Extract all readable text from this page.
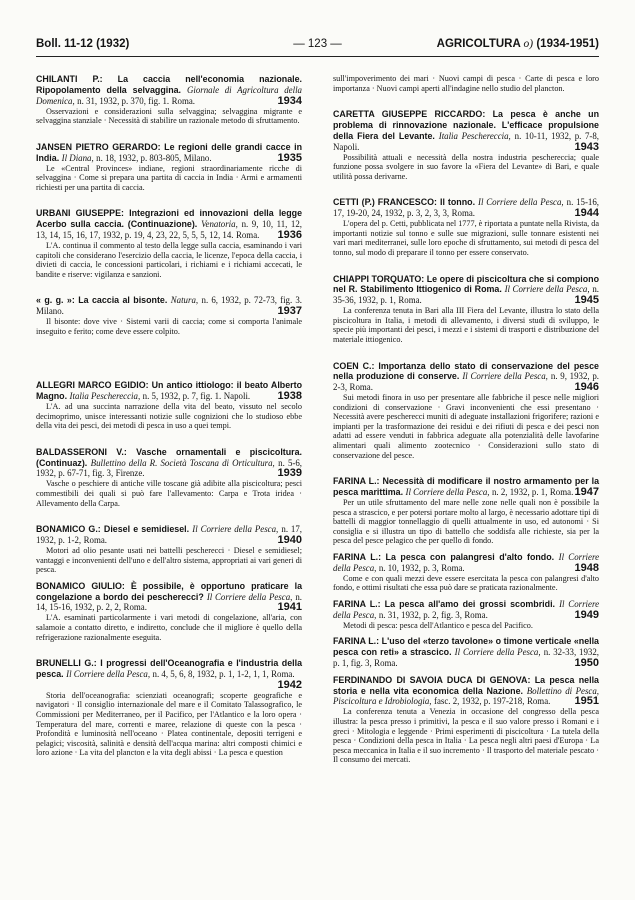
Boll. 11-12 (1932)	— 123 —	AGRICOLTURA o) (1934-1951)
CHILANTI P.: La caccia nell'economia nazionale. Ripopolamento della selvaggina. Giornale di Agricoltura della Domenica, n. 31, 1932, p. 370, fig. 1. Roma.	1934
Osservazioni e considerazioni sulla selvaggina; selvaggina migrante e selvaggina stanziale · Necessità di stabilire un razionale metodo di sfruttamento.
JANSEN PIETRO GERARDO: Le regioni delle grandi cacce in India. Il Diana, n. 18, 1932, p. 803-805, Milano.	1935
Le «Central Provinces» indiane, regioni straordinariamente ricche di selvaggina · Come si prepara una partita di caccia in India · Armi e armamenti richiesti per una partita di caccia.
URBANI GIUSEPPE: Integrazioni ed innovazioni della legge Acerbo sulla caccia. (Continuazione). Venatoria, n. 9, 10, 11, 12, 13, 14, 15, 16, 17, 1932, p. 19, 4, 23, 22, 5, 5, 5, 12, 14. Roma. 1936
L'A. continua il commento al testo della legge sulla caccia, esaminando i vari capitoli che considerano l'esercizio della caccia, le licenze, l'epoca della caccia, i divieti di caccia, le concessioni particolari, i richiami e i richiami accecati, le bandite e riserve: vigilanza e sanzioni.
« g. g. »: La caccia al bisonte. Natura, n. 6, 1932, p. 72-73, fig. 3. Milano.	1937
Il bisonte: dove vive · Sistemi varii di caccia; come si comporta l'animale inseguito e ferito; come deve essere colpito.
ALLEGRI MARCO EGIDIO: Un antico ittiologo: il beato Alberto Magno. Italia Peschereccia, n. 5, 1932, p. 7, fig. 1. Napoli. 1938
L'A. ad una succinta narrazione della vita del beato, vissuto nel secolo decimoprimo, unisce interessanti notizie sulle cognizioni che lo studioso ebbe della vita dei pesci, dei metodi di pesca in uso a quei tempi.
BALDASSERONI V.: Vasche ornamentali e piscicoltura. (Continuaz). Bullettino della R. Società Toscana di Orticultura, n. 5-6, 1932, p. 67-71, fig. 3, Firenze.	1939
Vasche o peschiere di antiche ville toscane già adibite alla piscicoltura; pesci commestibili dei quali si può fare l'allevamento: Carpa e Trota iridea · Allevamento della Carpa.
BONAMICO G.: Diesel e semidiesel. Il Corriere della Pesca, n. 17, 1932, p. 1-2, Roma.	1940
Motori ad olio pesante usati nei battelli pescherecci · Diesel e semidiesel; vantaggi e inconvenienti dell'uno e dell'altro sistema, appropriati ai vari generi di pesca.
BONAMICO GIULIO: È possibile, è opportuno praticare la congelazione a bordo dei pescherecci? Il Corriere della Pesca, n. 14, 15-16, 1932, p. 2, 2, Roma.	1941
L'A. esaminati particolarmente i vari metodi di congelazione, all'aria, con salamoie a contatto diretto, e indiretto, conclude che il migliore è quello della refrigerazione razionalmente eseguita.
BRUNELLI G.: I progressi dell'Oceanografia e l'industria della pesca. Il Corriere della Pesca, n. 4, 5, 6, 8, 1932, p. 1, 1-2, 1, 1, Roma.
1942
Storia dell'oceanografia: scienziati oceanografi; scoperte geografiche e navigatori · Il consiglio internazionale del mare e il Comitato Talassografico, le Commissioni per Mediterraneo, per il Pacifico, per l'Atlantico e la loro opera · Temperatura del mare, correnti e maree, relazione di queste con la pesca · Profondità e luminosità nell'oceano · Platea continentale, depositi terrigeni e pelagici; viscosità, salinità e densità dell'acqua marina: altri composti chimici e loro azione · La vita del plancton e la vita degli abissi · La pesca e question
sull'impoverimento dei mari · Nuovi campi di pesca · Carte di pesca e loro importanza · Nuovi campi aperti all'indagine nello studio del plancton.
CARETTA GIUSEPPE RICCARDO: La pesca è anche un problema di rinnovazione nazionale. L'efficace propulsione della Fiera del Levante. Italia Peschereccia, n. 10-11, 1932, p. 7-8, Napoli.	1943
Possibilità attuali e necessità della nostra industria peschereccia; quale funzione possa svolgere in suo favore la «Fiera del Levante» di Bari, e quale utilità possa derivarne.
CETTI (P.) FRANCESCO: Il tonno. Il Corriere della Pesca, n. 15-16, 17, 19-20, 24, 1932, p. 3, 2, 3, 3, Roma.	1944
L'opera del p. Cetti, pubblicata nel 1777, è riportata a puntate nella Rivista, da importanti notizie sul tonno e sulle sue migrazioni, sulle tonnare esistenti nei vari mari mediterranei, sulle loro epoche di sfruttamento, sui metodi di pesca del tonno, sul modo di preparare il tonno per essere conservato.
CHIAPPI TORQUATO: Le opere di piscicoltura che si compiono nel R. Stabilimento Ittiogenico di Roma. Il Corriere della Pesca, n. 35-36, 1932, p. 1, Roma.	1945
La conferenza tenuta in Bari alla III Fiera del Levante, illustra lo stato della piscicoltura in Italia, i metodi di allevamento, i diversi studi di sviluppo, le specie più importanti dei pesci, i mezzi e i sistemi di trasporti e distribuzione del materiale ittiogenico.
COEN C.: Importanza dello stato di conservazione del pesce nella produzione di conserve. Il Corriere della Pesca, n. 9, 1932, p. 2-3, Roma.	1946
Sui metodi finora in uso per presentare alle fabbriche il pesce nelle migliori condizioni di conservazione · Gravi inconvenienti che essi presentano · Necessità avere pescherecci muniti di adeguate installazioni frigorifere; razioni e impianti per la trasformazione dei residui e dei rifiuti di pesca e dei pesci non adatti ad essere venduti in fabbrica adeguate alla potenzialità delle lavofarine alimentari quali alimento zootecnico · Considerazioni sullo stato di conservazione del pesce.
FARINA L.: Necessità di modificare il nostro armamento per la pesca marittima. Il Corriere della Pesca, n. 2, 1932, p. 1, Roma. 1947
Per un utile sfruttamento del mare nelle zone nelle quali non è possibile la pesca a strascico, e per potersi portare molto al largo, è necessario adottare tipi di battelli di maggior tonnellaggio di quelli attualmente in uso, ed autonomi · Si consiglia e si illustra un tipo di battello che soddisfa alle richieste, sia per la pesca del pesce pelagico che per quello di fondo.
FARINA L.: La pesca con palangresi d'alto fondo. Il Corriere della Pesca, n. 10, 1932, p. 3, Roma.	1948
Come e con quali mezzi deve essere esercitata la pesca con palangresi d'alto fondo, e ottimi risultati che essa può dare se praticata razionalmente.
FARINA L.: La pesca all'amo dei grossi scombridi. Il Corriere della Pesca, n. 31, 1932, p. 2, fig. 3, Roma.	1949
Metodi di pesca: pesca dell'Atlantico e pesca del Pacifico.
FARINA L.: L'uso del «terzo tavolone» o timone verticale «nella pesca con reti» a strascico. Il Corriere della Pesca, n. 32-33, 1932, p. 1, fig. 3, Roma.	1950
FERDINANDO DI SAVOIA DUCA DI GENOVA: La pesca nella storia e nella vita economica della Nazione. Bollettino di Pesca, Piscicoltura e Idrobiologia, fasc. 2, 1932, p. 197-218, Roma. 1951
La conferenza tenuta a Venezia in occasione del congresso della pesca illustra: la pesca presso i primitivi, la pesca e il suo valore presso i Romani e i greci · Mitologia e leggende · Primi esperimenti di piscicoltura · La tutela della pesca · Condizioni della pesca in Italia · La pesca negli altri paesi d'Europa · La pesca meccanica in Italia e il suo incremento · Il trasporto del materiale pescato · Il consumo dei mercati.
